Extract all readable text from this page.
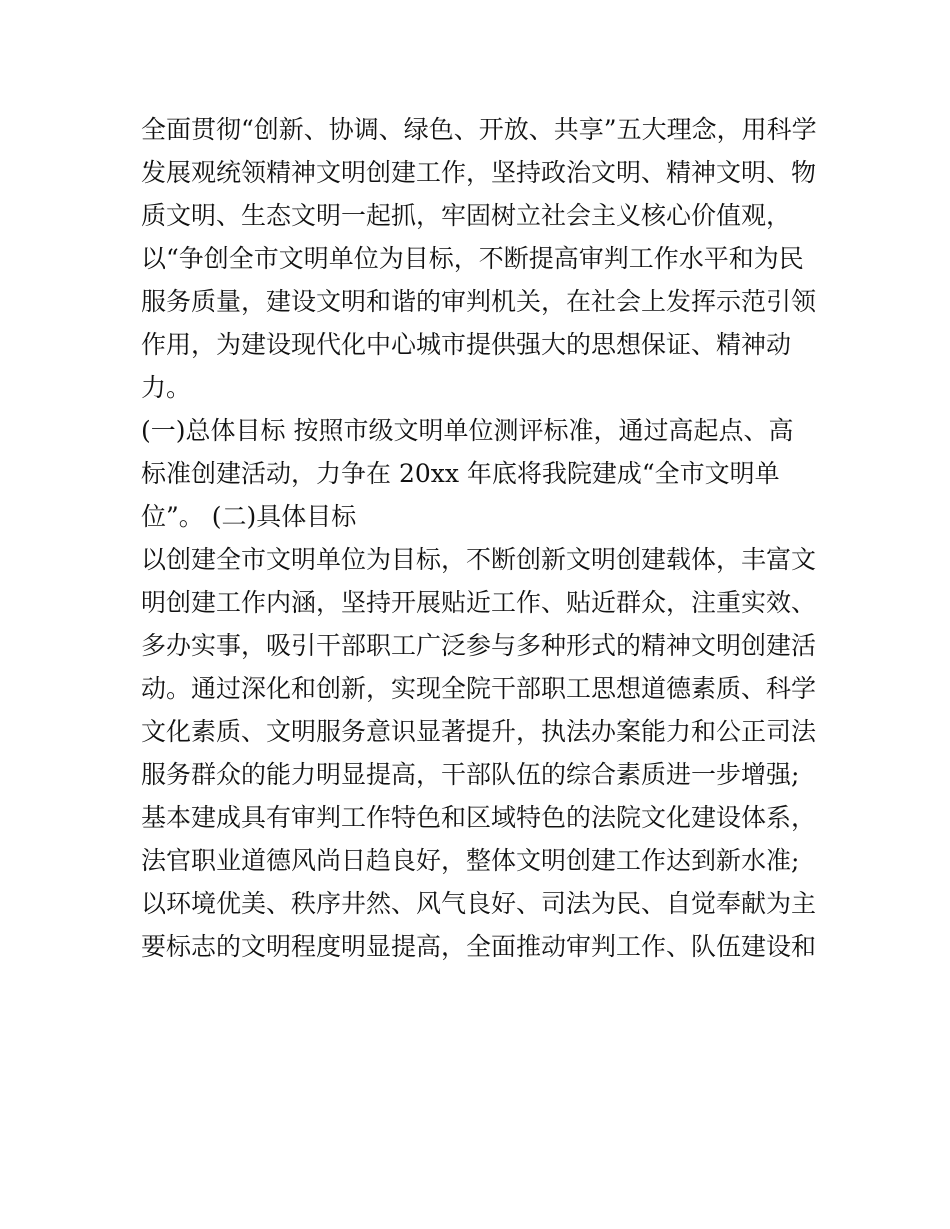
全面贯彻“创新、协调、绿色、开放、共享”五大理念，用科学
发展观统领精神文明创建工作，坚持政治文明、精神文明、物
质文明、生态文明一起抓，牢固树立社会主义核心价值观，
以“争创全市文明单位为目标，不断提高审判工作水平和为民
服务质量，建设文明和谐的审判机关，在社会上发挥示范引领
作用，为建设现代化中心城市提供强大的思想保证、精神动
力。
(一)总体目标 按照市级文明单位测评标准，通过高起点、高
标准创建活动，力争在 20xx 年底将我院建成“全市文明单
位”。 (二)具体目标
以创建全市文明单位为目标，不断创新文明创建载体，丰富文
明创建工作内涵，坚持开展贴近工作、贴近群众，注重实效、
多办实事，吸引干部职工广泛参与多种形式的精神文明创建活
动。通过深化和创新，实现全院干部职工思想道德素质、科学
文化素质、文明服务意识显著提升，执法办案能力和公正司法
服务群众的能力明显提高，干部队伍的综合素质进一步增强;
基本建成具有审判工作特色和区域特色的法院文化建设体系，
法官职业道德风尚日趋良好，整体文明创建工作达到新水准;
以环境优美、秩序井然、风气良好、司法为民、自觉奉献为主
要标志的文明程度明显提高，全面推动审判工作、队伍建设和
